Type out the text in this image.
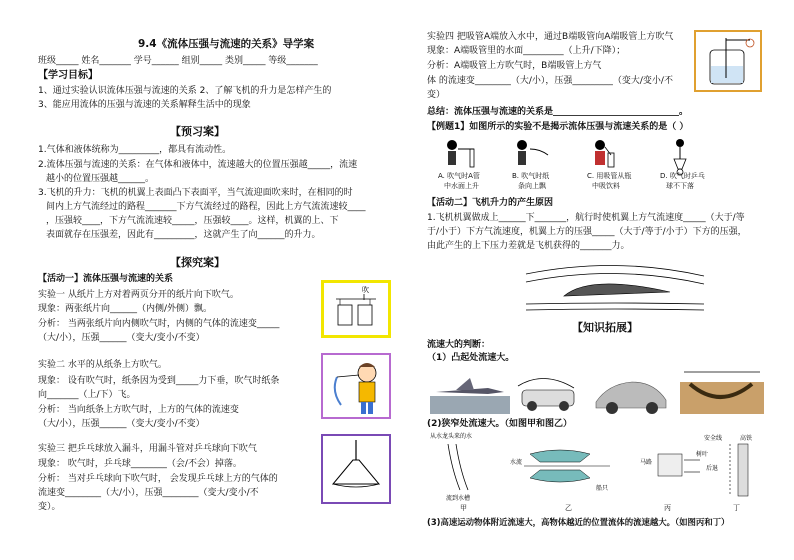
9.4《流体压强与流速的关系》导学案
班级_____ 姓名_______ 学号______ 组别_____ 类别_____ 等级_______
【学习目标】
1、通过实验认识流体压强与流速的关系 2、了解飞机的升力是怎样产生的
3、能应用流体的压强与流速的关系解释生活中的现象
【预习案】
1.气体和液体统称为_________，都具有流动性。
2.流体压强与流速的关系：在气体和液体中，流速越大的位置压强越_____，流速
越小的位置压强越______。
3.飞机的升力：飞机的机翼上表面凸下表面平，当气流迎面吹来时，在相同的时
间内上方气流经过的路程_______下方气流经过的路程，因此上方气流流速较____
，压强较____，下方气流流速较_____，压强较____。这样，机翼的上、下
表面就存在压强差，因此有_________，这就产生了向______的升力。
【探究案】
【活动一】流体压强与流速的关系
实验一 从纸片上方对着两页分开的纸片向下吹气。
现象：两张纸片向______（内侧/外侧）飘。
分析： 当两张纸片向内侧吹气时，内侧的气体的流速变_____
（大/小），压强______（变大/变小/不变）
实验二 水平的从纸条上方吹气。
现象： 设有吹气时，纸条因为受到_____力下垂，吹气时纸条
向_______（上/下）飞。
分析： 当向纸条上方吹气时，上方的气体的流速变
（大/小），压强______（变大/变小/不变）
实验三 把乒乓球放入漏斗，用漏斗管对乒乓球向下吹气
现象： 吹气时，乒乓球________（会/不会）掉落。
分析： 当对乒乓球向下吹气时， 会发现乒乓球上方的气体的
流速变________（大/小），压强________（变大/变小/不
变）。
吹
实验四 把吸管A端放入水中，通过B端吸管向A端吸管上方吹气
现象：A端吸管里的水面_________（上升/下降）；
分析：A端吸管上方吹气时，B端吸管上方气
体 的流速变________（大/小），压强_________（变大/变小/不
变）
总结：流体压强与流速的关系是____________________________。
【例题1】如图所示的实验不是揭示流体压强与流速关系的是（ ）
A. 吹气时A管
中水面上升
B. 吹气时纸
条向上飘
C. 用吸管从瓶
中吸饮料
D. 吹气时乒乓
球不下落
【活动二】飞机升力的产生原因
1.飞机机翼做成上______下_______，航行时使机翼上方气流速度_____（大于/等
于/小于）下方气流速度，机翼上方的压强_____（大于/等于/小于）下方的压强，
由此产生的上下压力差就是飞机获得的_______力。
【知识拓展】
流速大的判断：
（1）凸起处流速大。
(2)狭窄处流速大。（如图甲和图乙）
从水龙头来的水
流到水槽
水流
船只
马路
树叶
安全线	高铁
后退
甲	乙	丙	丁
(3)高速运动物体附近流速大，高物体越近的位置流体的流速越大。（如图丙和丁）
